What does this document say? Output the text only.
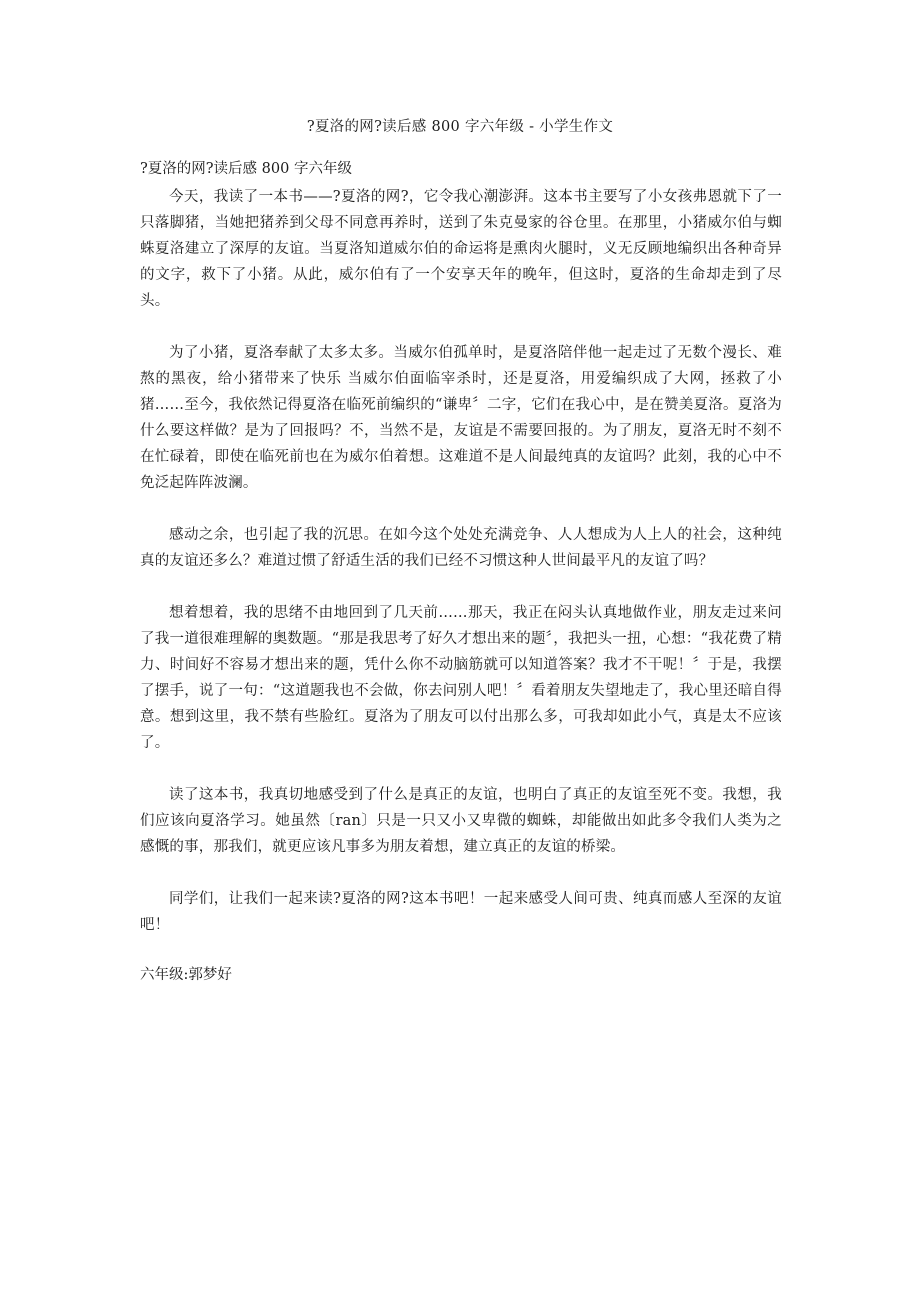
?夏洛的网?读后感 800 字六年级 - 小学生作文

?夏洛的网?读后感 800 字六年级

今天，我读了一本书——?夏洛的网?，它令我心潮澎湃。这本书主要写了小女孩弗恩就下了一只落脚猪，当她把猪养到父母不同意再养时，送到了朱克曼家的谷仓里。在那里，小猪威尔伯与蜘蛛夏洛建立了深厚的友谊。当夏洛知道威尔伯的命运将是熏肉火腿时，义无反顾地编织出各种奇异的文字，救下了小猪。从此，威尔伯有了一个安享天年的晚年，但这时，夏洛的生命却走到了尽头。

为了小猪，夏洛奉献了太多太多。当威尔伯孤单时，是夏洛陪伴他一起走过了无数个漫长、难熬的黑夜，给小猪带来了快乐 当威尔伯面临宰杀时，还是夏洛，用爱编织成了大网，拯救了小猪……至今，我依然记得夏洛在临死前编织的“谦卑〞二字，它们在我心中，是在赞美夏洛。夏洛为什么要这样做？是为了回报吗？不，当然不是，友谊是不需要回报的。为了朋友，夏洛无时不刻不在忙碌着，即使在临死前也在为威尔伯着想。这难道不是人间最纯真的友谊吗？此刻，我的心中不免泛起阵阵波澜。

感动之余，也引起了我的沉思。在如今这个处处充满竞争、人人想成为人上人的社会，这种纯真的友谊还多么？难道过惯了舒适生活的我们已经不习惯这种人世间最平凡的友谊了吗？

想着想着，我的思绪不由地回到了几天前……那天，我正在闷头认真地做作业，朋友走过来问了我一道很难理解的奥数题。“那是我思考了好久才想出来的题〞，我把头一扭，心想：“我花费了精力、时间好不容易才想出来的题，凭什么你不动脑筋就可以知道答案？我才不干呢！〞于是，我摆了摆手，说了一句：“这道题我也不会做，你去问别人吧！〞看着朋友失望地走了，我心里还暗自得意。想到这里，我不禁有些脸红。夏洛为了朋友可以付出那么多，可我却如此小气，真是太不应该了。

读了这本书，我真切地感受到了什么是真正的友谊，也明白了真正的友谊至死不变。我想，我们应该向夏洛学习。她虽然〔ran〕只是一只又小又卑微的蜘蛛，却能做出如此多令我们人类为之感慨的事，那我们，就更应该凡事多为朋友着想，建立真正的友谊的桥梁。

同学们，让我们一起来读?夏洛的网?这本书吧！一起来感受人间可贵、纯真而感人至深的友谊吧！

六年级:郭梦好
